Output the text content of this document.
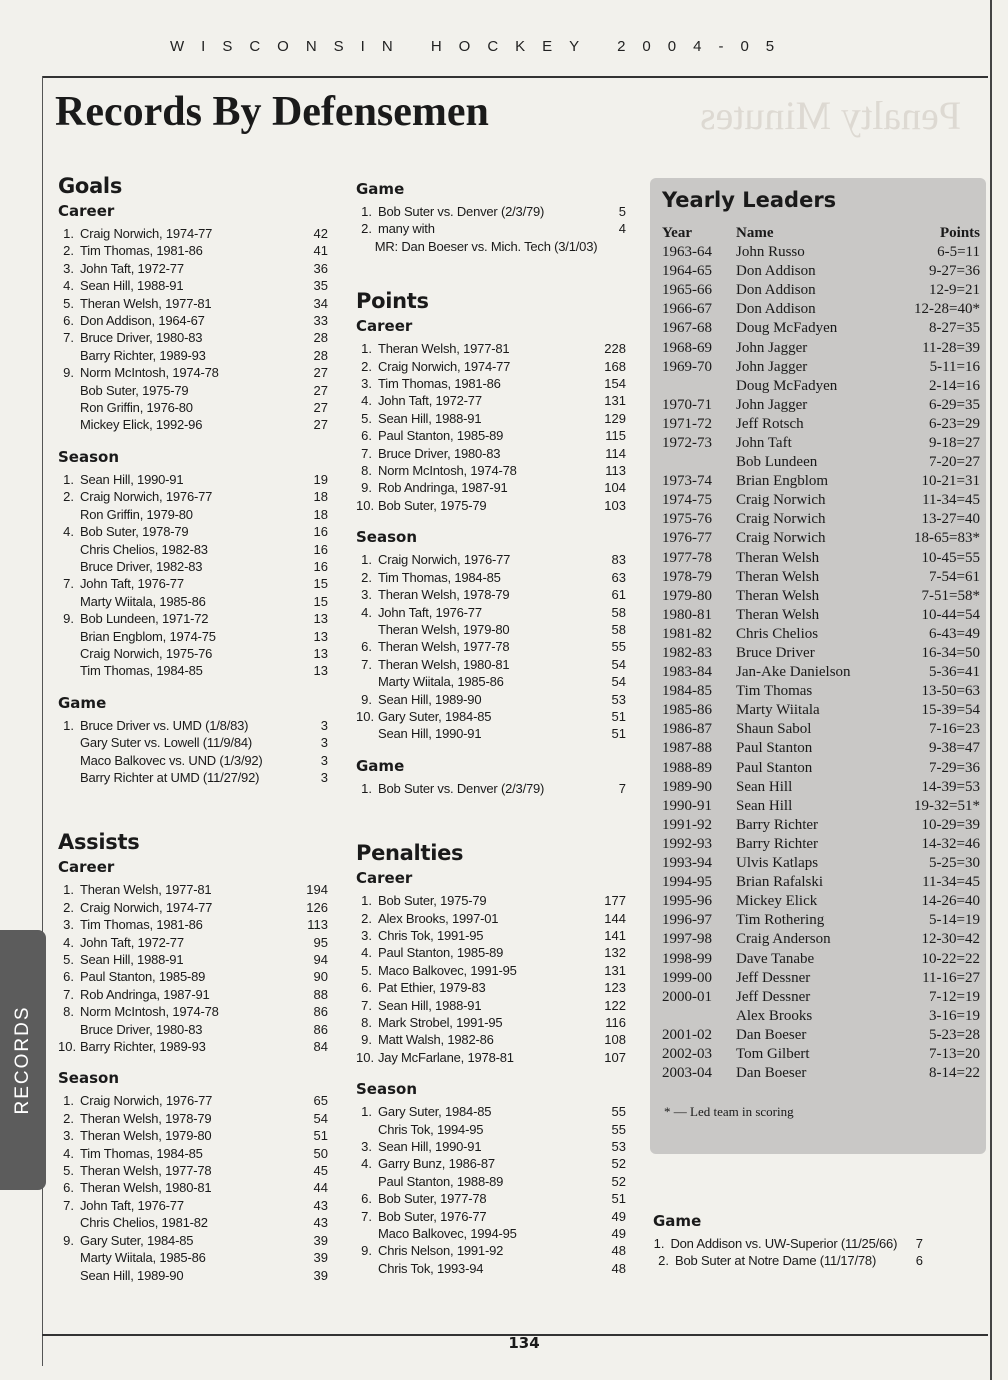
WISCONSIN HOCKEY 2004-05
Penalty Minutes
Records By Defensemen
Goals
Career
1. Craig Norwich, 1974-77	42
2. Tim Thomas, 1981-86	41
3. John Taft, 1972-77	36
4. Sean Hill, 1988-91	35
5. Theran Welsh, 1977-81	34
6. Don Addison, 1964-67	33
7. Bruce Driver, 1980-83	28
Barry Richter, 1989-93	28
9. Norm McIntosh, 1974-78	27
Bob Suter, 1975-79	27
Ron Griffin, 1976-80	27
Mickey Elick, 1992-96	27
Season
1. Sean Hill, 1990-91	19
2. Craig Norwich, 1976-77	18
Ron Griffin, 1979-80	18
4. Bob Suter, 1978-79	16
Chris Chelios, 1982-83	16
Bruce Driver, 1982-83	16
7. John Taft, 1976-77	15
Marty Wiitala, 1985-86	15
9. Bob Lundeen, 1971-72	13
Brian Engblom, 1974-75	13
Craig Norwich, 1975-76	13
Tim Thomas, 1984-85	13
Game
1. Bruce Driver vs. UMD (1/8/83)	3
Gary Suter vs. Lowell (11/9/84)	3
Maco Balkovec vs. UND (1/3/92)	3
Barry Richter at UMD (11/27/92)	3
Assists
Career
1. Theran Welsh, 1977-81	194
2. Craig Norwich, 1974-77	126
3. Tim Thomas, 1981-86	113
4. John Taft, 1972-77	95
5. Sean Hill, 1988-91	94
6. Paul Stanton, 1985-89	90
7. Rob Andringa, 1987-91	88
8. Norm McIntosh, 1974-78	86
Bruce Driver, 1980-83	86
10. Barry Richter, 1989-93	84
Season
1. Craig Norwich, 1976-77	65
2. Theran Welsh, 1978-79	54
3. Theran Welsh, 1979-80	51
4. Tim Thomas, 1984-85	50
5. Theran Welsh, 1977-78	45
6. Theran Welsh, 1980-81	44
7. John Taft, 1976-77	43
Chris Chelios, 1981-82	43
9. Gary Suter, 1984-85	39
Marty Wiitala, 1985-86	39
Sean Hill, 1989-90	39
Game
1. Bob Suter vs. Denver (2/3/79)	5
2. many with	4
MR: Dan Boeser vs. Mich. Tech (3/1/03)
Points
Career
1. Theran Welsh, 1977-81	228
2. Craig Norwich, 1974-77	168
3. Tim Thomas, 1981-86	154
4. John Taft, 1972-77	131
5. Sean Hill, 1988-91	129
6. Paul Stanton, 1985-89	115
7. Bruce Driver, 1980-83	114
8. Norm McIntosh, 1974-78	113
9. Rob Andringa, 1987-91	104
10. Bob Suter, 1975-79	103
Season
1. Craig Norwich, 1976-77	83
2. Tim Thomas, 1984-85	63
3. Theran Welsh, 1978-79	61
4. John Taft, 1976-77	58
Theran Welsh, 1979-80	58
6. Theran Welsh, 1977-78	55
7. Theran Welsh, 1980-81	54
Marty Wiitala, 1985-86	54
9. Sean Hill, 1989-90	53
10. Gary Suter, 1984-85	51
Sean Hill, 1990-91	51
Game
1. Bob Suter vs. Denver (2/3/79)	7
Penalties
Career
1. Bob Suter, 1975-79	177
2. Alex Brooks, 1997-01	144
3. Chris Tok, 1991-95	141
4. Paul Stanton, 1985-89	132
5. Maco Balkovec, 1991-95	131
6. Pat Ethier, 1979-83	123
7. Sean Hill, 1988-91	122
8. Mark Strobel, 1991-95	116
9. Matt Walsh, 1982-86	108
10. Jay McFarlane, 1978-81	107
Season
1. Gary Suter, 1984-85	55
Chris Tok, 1994-95	55
3. Sean Hill, 1990-91	53
4. Garry Bunz, 1986-87	52
Paul Stanton, 1988-89	52
6. Bob Suter, 1977-78	51
7. Bob Suter, 1976-77	49
Maco Balkovec, 1994-95	49
9. Chris Nelson, 1991-92	48
Chris Tok, 1993-94	48
Yearly Leaders
Year	Name	Points
1963-64	John Russo	6-5=11
1964-65	Don Addison	9-27=36
1965-66	Don Addison	12-9=21
1966-67	Don Addison	12-28=40*
1967-68	Doug McFadyen	8-27=35
1968-69	John Jagger	11-28=39
1969-70	John Jagger	5-11=16
	Doug McFadyen	2-14=16
1970-71	John Jagger	6-29=35
1971-72	Jeff Rotsch	6-23=29
1972-73	John Taft	9-18=27
	Bob Lundeen	7-20=27
1973-74	Brian Engblom	10-21=31
1974-75	Craig Norwich	11-34=45
1975-76	Craig Norwich	13-27=40
1976-77	Craig Norwich	18-65=83*
1977-78	Theran Welsh	10-45=55
1978-79	Theran Welsh	7-54=61
1979-80	Theran Welsh	7-51=58*
1980-81	Theran Welsh	10-44=54
1981-82	Chris Chelios	6-43=49
1982-83	Bruce Driver	16-34=50
1983-84	Jan-Ake Danielson	5-36=41
1984-85	Tim Thomas	13-50=63
1985-86	Marty Wiitala	15-39=54
1986-87	Shaun Sabol	7-16=23
1987-88	Paul Stanton	9-38=47
1988-89	Paul Stanton	7-29=36
1989-90	Sean Hill	14-39=53
1990-91	Sean Hill	19-32=51*
1991-92	Barry Richter	10-29=39
1992-93	Barry Richter	14-32=46
1993-94	Ulvis Katlaps	5-25=30
1994-95	Brian Rafalski	11-34=45
1995-96	Mickey Elick	14-26=40
1996-97	Tim Rothering	5-14=19
1997-98	Craig Anderson	12-30=42
1998-99	Dave Tanabe	10-22=22
1999-00	Jeff Dessner	11-16=27
2000-01	Jeff Dessner	7-12=19
	Alex Brooks	3-16=19
2001-02	Dan Boeser	5-23=28
2002-03	Tom Gilbert	7-13=20
2003-04	Dan Boeser	8-14=22
* — Led team in scoring
Game
1. Don Addison vs. UW-Superior (11/25/66)	7
2. Bob Suter at Notre Dame (11/17/78)	6
RECORDS
134
